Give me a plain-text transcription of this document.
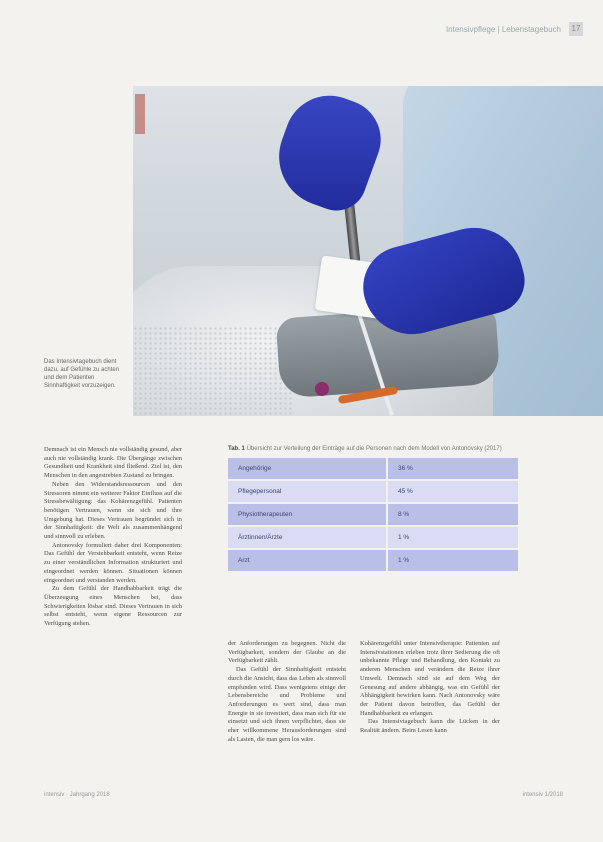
Intensivpflege | Lebenstagebuch	17
Das Intensivtagebuch dient dazu, auf Gefühle zu achten und dem Patienten Sinnhaftigkeit vorzuzeigen.

Demnach ist ein Mensch nie vollständig gesund, aber auch nie vollständig krank. Die Übergänge zwischen Gesundheit und Krankheit sind fließend. Ziel ist, den Menschen in den angestrebten Zustand zu bringen.

Neben den Widerstandsressourcen und den Stressoren nimmt ein weiterer Faktor Einfluss auf die Stressbewältigung: das Kohärenzgefühl. Patienten benötigen Vertrauen, wenn sie sich und ihre Umgebung hat. Dieses Vertrauen begründet sich in der Sinnhaftigkeit: die Welt als zusammenhängend und sinnvoll zu erleben.

Antonovsky formuliert daher drei Komponenten: Das Gefühl der Verstehbarkeit entsteht, wenn Reize zu einer verständlichen Information strukturiert und eingeordnet werden können. Situationen können eingeordnet und verstanden werden.

Zu dem Gefühl der Handhabbarkeit trägt die Überzeugung eines Menschen bei, dass Schwierigkeiten lösbar sind. Dieses Vertrauen in sich selbst entsteht, wenn eigene Ressourcen zur Verfügung stehen.

Tab. 1 Übersicht zur Verteilung der Einträge auf die Personen nach dem Modell von Antonovsky (2017)
Angehörige	36 %
Pflegepersonal	45 %
Physiotherapeuten	8 %
Ärztinnen/Ärzte	1 %
Arzt	1 %

der Anforderungen zu begegnen. Nicht die Verfügbarkeit, sondern der Glaube an die Verfügbarkeit zählt.

Das Gefühl der Sinnhaftigkeit entsteht durch die Ansicht, dass das Leben als sinnvoll empfunden wird. Dass wenigstens einige der Lebensbereiche und Probleme und Anforderungen es wert sind, dass man Energie in sie investiert, dass man sich für sie einsetzt und sich ihnen verpflichtet, dass sie eher willkommene Herausforderungen sind als Lasten, die man gern los wäre.

Kohärenzgefühl unter Intensivtherapie: Patienten auf Intensivstationen erleben trotz ihrer Sedierung die oft unbekannte Pflege und Behandlung, den Kontakt zu anderen Menschen und verändern die Reize ihrer Umwelt. Demnach sind sie auf dem Weg der Genesung auf andere abhängig, was ein Gefühl der Abhängigkeit bewirken kann. Nach Antonovsky wäre der Patient davon betroffen, das Gefühl der Handhabbarkeit zu erlangen.

Das Intensivtagebuch kann die Lücken in der Realität ändern. Beim Lesen kann

intensiv · Jahrgang 2018	intensiv 1/2018
